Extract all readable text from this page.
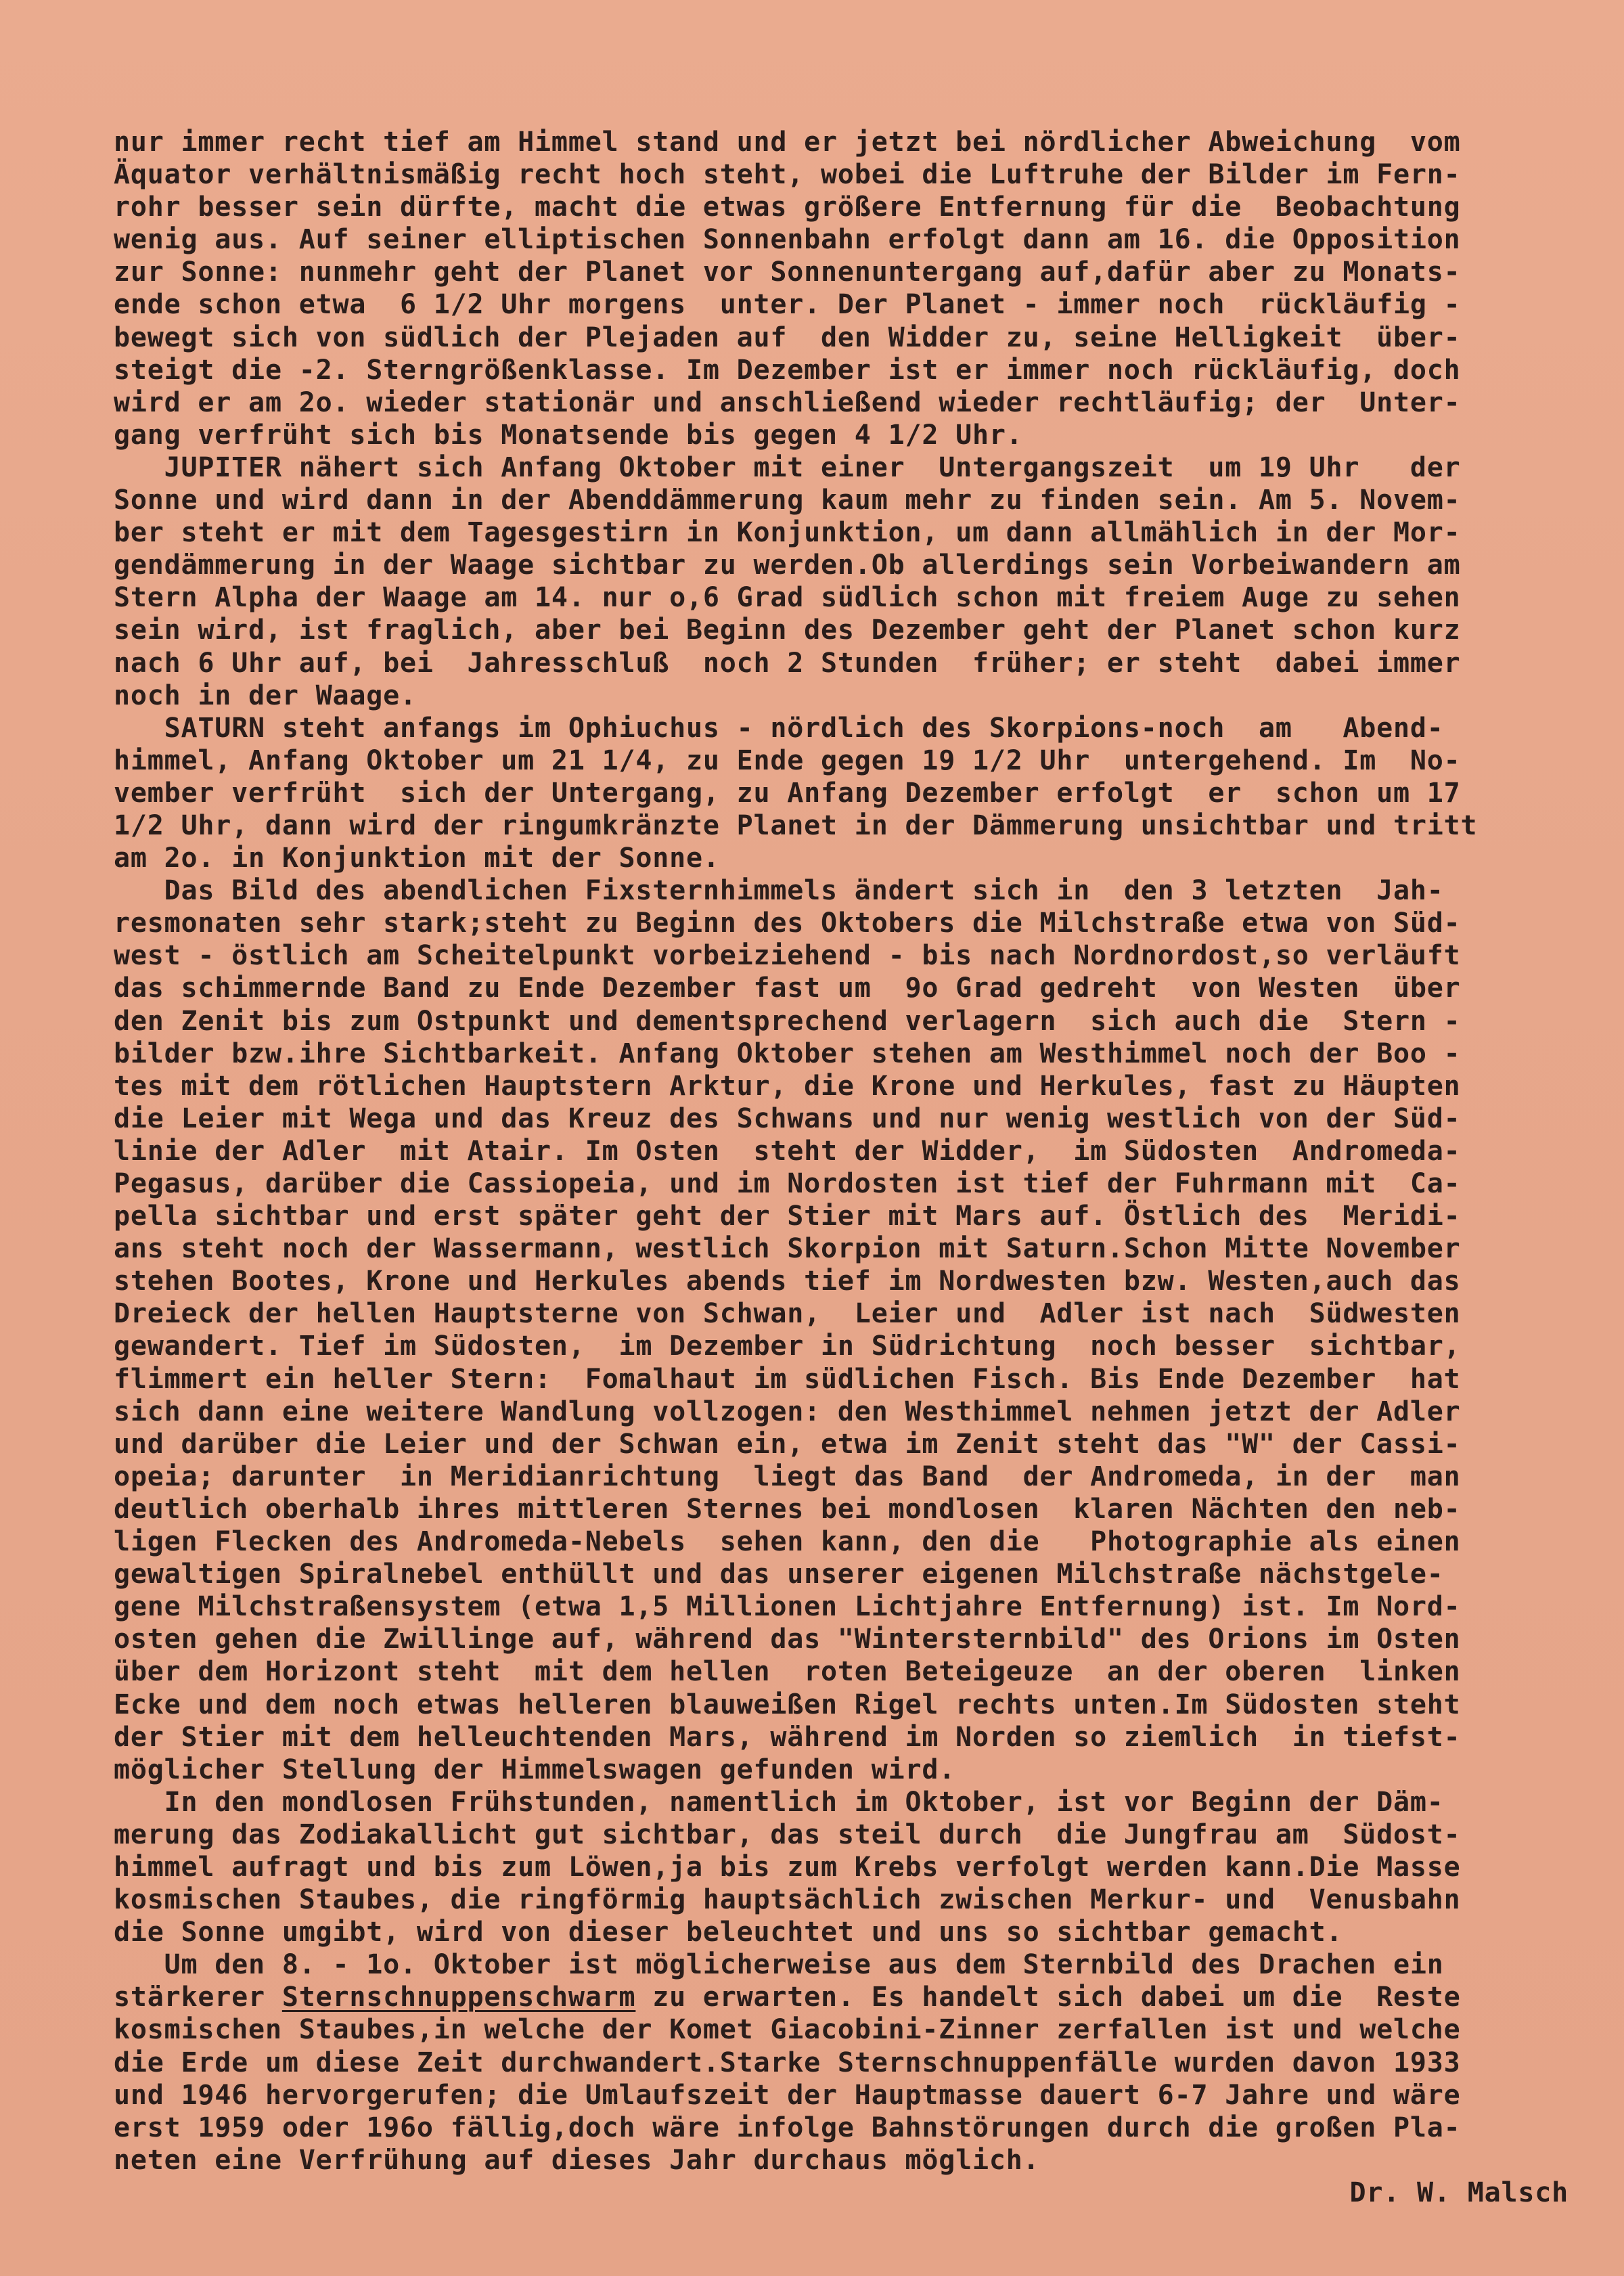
nur immer recht tief am Himmel stand und er jetzt bei nördlicher Abweichung  vom
Äquator verhältnismäßig recht hoch steht, wobei die Luftruhe der Bilder im Fern-
rohr besser sein dürfte, macht die etwas größere Entfernung für die  Beobachtung
wenig aus. Auf seiner elliptischen Sonnenbahn erfolgt dann am 16. die Opposition
zur Sonne: nunmehr geht der Planet vor Sonnenuntergang auf,dafür aber zu Monats-
ende schon etwa  6 1/2 Uhr morgens  unter. Der Planet - immer noch  rückläufig -
bewegt sich von südlich der Plejaden auf  den Widder zu, seine Helligkeit  über-
steigt die -2. Sterngrößenklasse. Im Dezember ist er immer noch rückläufig, doch
wird er am 2o. wieder stationär und anschließend wieder rechtläufig; der  Unter-
gang verfrüht sich bis Monatsende bis gegen 4 1/2 Uhr.
JUPITER nähert sich Anfang Oktober mit einer  Untergangszeit  um 19 Uhr   der
Sonne und wird dann in der Abenddämmerung kaum mehr zu finden sein. Am 5. Novem-
ber steht er mit dem Tagesgestirn in Konjunktion, um dann allmählich in der Mor-
gendämmerung in der Waage sichtbar zu werden.Ob allerdings sein Vorbeiwandern am
Stern Alpha der Waage am 14. nur o,6 Grad südlich schon mit freiem Auge zu sehen
sein wird, ist fraglich, aber bei Beginn des Dezember geht der Planet schon kurz
nach 6 Uhr auf, bei  Jahresschluß  noch 2 Stunden  früher; er steht  dabei immer
noch in der Waage.
SATURN steht anfangs im Ophiuchus - nördlich des Skorpions-noch  am   Abend-
himmel, Anfang Oktober um 21 1/4, zu Ende gegen 19 1/2 Uhr  untergehend. Im  No-
vember verfrüht  sich der Untergang, zu Anfang Dezember erfolgt  er  schon um 17
1/2 Uhr, dann wird der ringumkränzte Planet in der Dämmerung unsichtbar und tritt
am 2o. in Konjunktion mit der Sonne.
Das Bild des abendlichen Fixsternhimmels ändert sich in  den 3 letzten  Jah-
resmonaten sehr stark;steht zu Beginn des Oktobers die Milchstraße etwa von Süd-
west - östlich am Scheitelpunkt vorbeiziehend - bis nach Nordnordost,so verläuft
das schimmernde Band zu Ende Dezember fast um  9o Grad gedreht  von Westen  über
den Zenit bis zum Ostpunkt und dementsprechend verlagern  sich auch die  Stern -
bilder bzw.ihre Sichtbarkeit. Anfang Oktober stehen am Westhimmel noch der Boo -
tes mit dem rötlichen Hauptstern Arktur, die Krone und Herkules, fast zu Häupten
die Leier mit Wega und das Kreuz des Schwans und nur wenig westlich von der Süd-
linie der Adler  mit Atair. Im Osten  steht der Widder,  im Südosten  Andromeda-
Pegasus, darüber die Cassiopeia, und im Nordosten ist tief der Fuhrmann mit  Ca-
pella sichtbar und erst später geht der Stier mit Mars auf. Östlich des  Meridi-
ans steht noch der Wassermann, westlich Skorpion mit Saturn.Schon Mitte November
stehen Bootes, Krone und Herkules abends tief im Nordwesten bzw. Westen,auch das
Dreieck der hellen Hauptsterne von Schwan,  Leier und  Adler ist nach  Südwesten
gewandert. Tief im Südosten,  im Dezember in Südrichtung  noch besser  sichtbar,
flimmert ein heller Stern:  Fomalhaut im südlichen Fisch. Bis Ende Dezember  hat
sich dann eine weitere Wandlung vollzogen: den Westhimmel nehmen jetzt der Adler
und darüber die Leier und der Schwan ein, etwa im Zenit steht das "W" der Cassi-
opeia; darunter  in Meridianrichtung  liegt das Band  der Andromeda, in der  man
deutlich oberhalb ihres mittleren Sternes bei mondlosen  klaren Nächten den neb-
ligen Flecken des Andromeda-Nebels  sehen kann, den die   Photographie als einen
gewaltigen Spiralnebel enthüllt und das unserer eigenen Milchstraße nächstgele-
gene Milchstraßensystem (etwa 1,5 Millionen Lichtjahre Entfernung) ist. Im Nord-
osten gehen die Zwillinge auf, während das "Wintersternbild" des Orions im Osten
über dem Horizont steht  mit dem hellen  roten Beteigeuze  an der oberen  linken
Ecke und dem noch etwas helleren blauweißen Rigel rechts unten.Im Südosten steht
der Stier mit dem helleuchtenden Mars, während im Norden so ziemlich  in tiefst-
möglicher Stellung der Himmelswagen gefunden wird.
In den mondlosen Frühstunden, namentlich im Oktober, ist vor Beginn der Däm-
merung das Zodiakallicht gut sichtbar, das steil durch  die Jungfrau am  Südost-
himmel aufragt und bis zum Löwen,ja bis zum Krebs verfolgt werden kann.Die Masse
kosmischen Staubes, die ringförmig hauptsächlich zwischen Merkur- und  Venusbahn
die Sonne umgibt, wird von dieser beleuchtet und uns so sichtbar gemacht.
Um den 8. - 1o. Oktober ist möglicherweise aus dem Sternbild des Drachen ein
stärkerer Sternschnuppenschwarm zu erwarten. Es handelt sich dabei um die  Reste
kosmischen Staubes,in welche der Komet Giacobini-Zinner zerfallen ist und welche
die Erde um diese Zeit durchwandert.Starke Sternschnuppenfälle wurden davon 1933
und 1946 hervorgerufen; die Umlaufszeit der Hauptmasse dauert 6-7 Jahre und wäre
erst 1959 oder 196o fällig,doch wäre infolge Bahnstörungen durch die großen Pla-
neten eine Verfrühung auf dieses Jahr durchaus möglich.
Dr. W. Malsch
